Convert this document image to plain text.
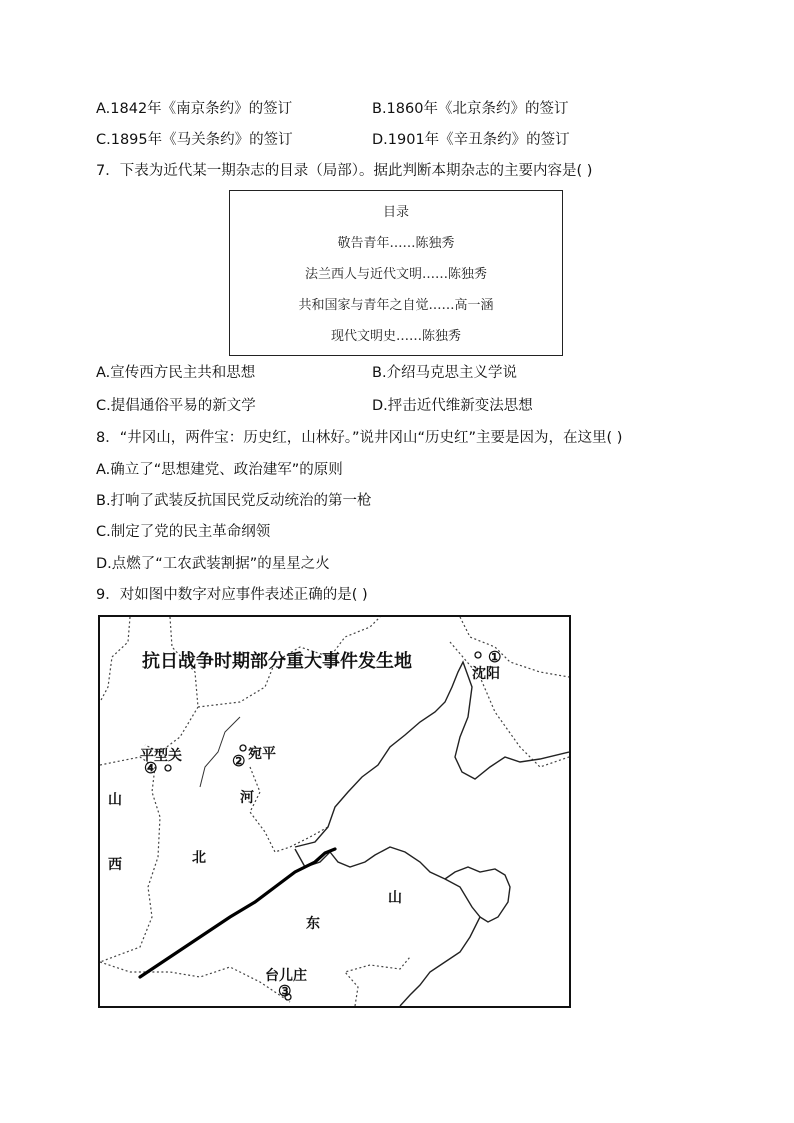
A.1842年《南京条约》的签订	B.1860年《北京条约》的签订
C.1895年《马关条约》的签订	D.1901年《辛丑条约》的签订
7．下表为近代某一期杂志的目录（局部）。据此判断本期杂志的主要内容是( )
目录
敬告青年……陈独秀
法兰西人与近代文明……陈独秀
共和国家与青年之自觉……高一涵
现代文明史……陈独秀
A.宣传西方民主共和思想	B.介绍马克思主义学说
C.提倡通俗平易的新文学	D.抨击近代维新变法思想
8．“井冈山，两件宝：历史红，山林好。”说井冈山“历史红”主要是因为，在这里( )
A.确立了“思想建党、政治建军”的原则
B.打响了武装反抗国民党反动统治的第一枪
C.制定了党的民主革命纲领
D.点燃了“工农武装割据”的星星之火
9．对如图中数字对应事件表述正确的是( )
抗日战争时期部分重大事件发生地	①
沈阳
平型关
④	② 宛平
台儿庄
③
山
西
河
北
山
东
